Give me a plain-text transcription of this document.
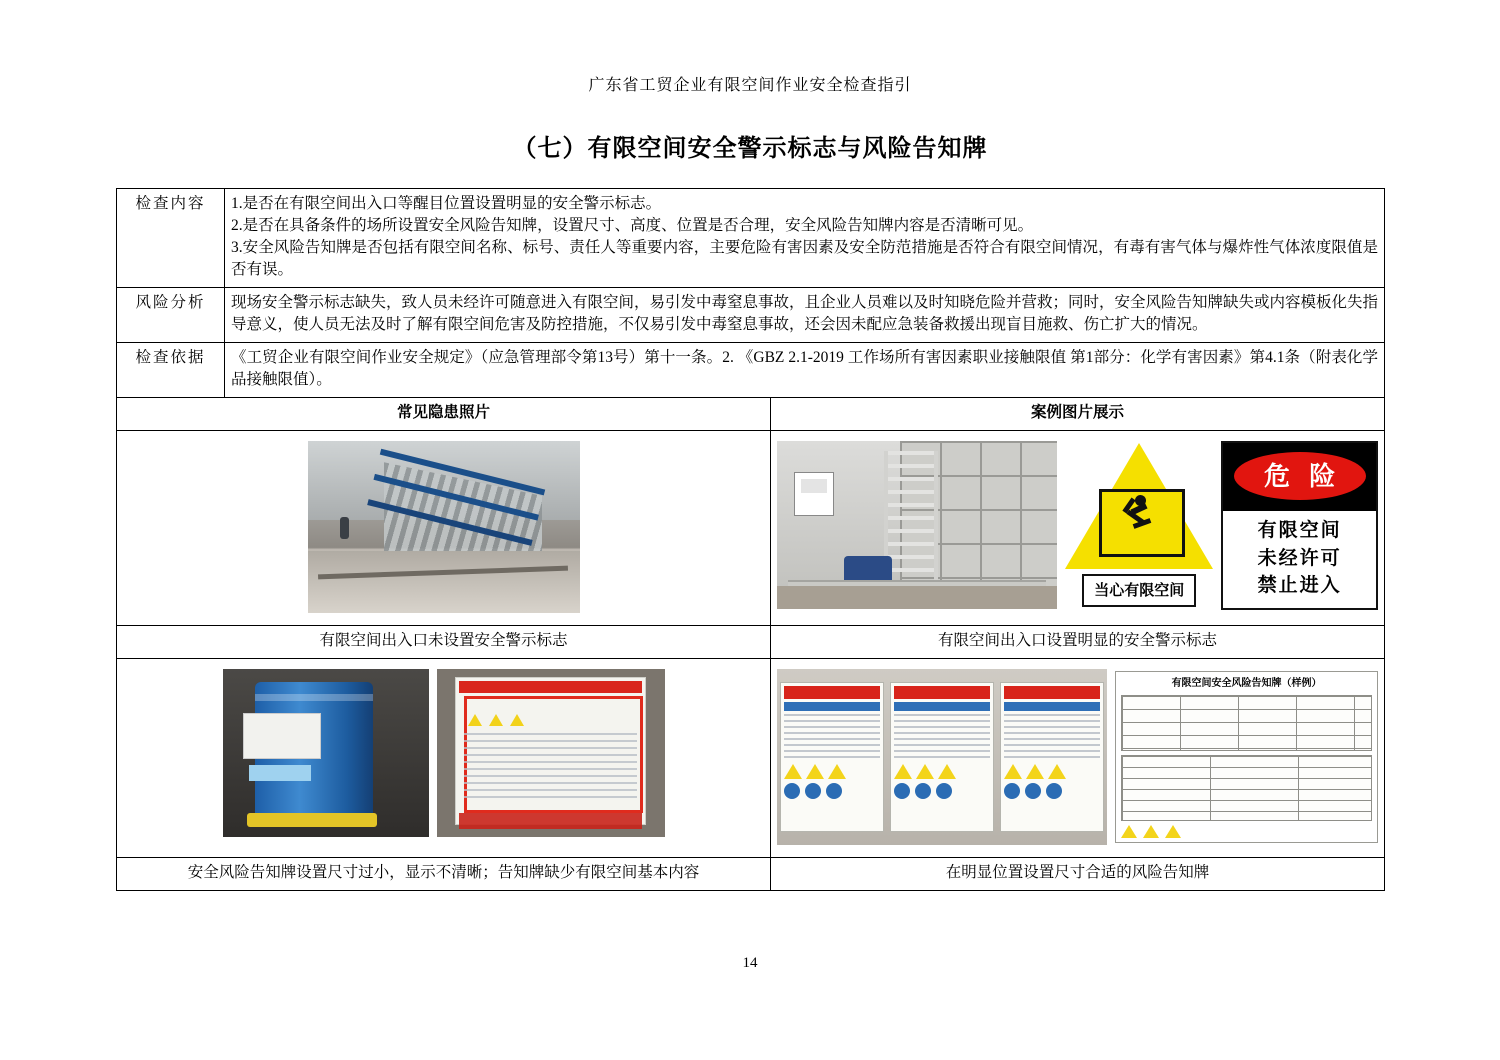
广东省工贸企业有限空间作业安全检查指引
（七）有限空间安全警示标志与风险告知牌
检查内容	1.是否在有限空间出入口等醒目位置设置明显的安全警示标志。
2.是否在具备条件的场所设置安全风险告知牌，设置尺寸、高度、位置是否合理，安全风险告知牌内容是否清晰可见。
3.安全风险告知牌是否包括有限空间名称、标号、责任人等重要内容，主要危险有害因素及安全防范措施是否符合有限空间情况，有毒有害气体与爆炸性气体浓度限值是否有误。	
风险分析	现场安全警示标志缺失，致人员未经许可随意进入有限空间，易引发中毒窒息事故，且企业人员难以及时知晓危险并营救；同时，安全风险告知牌缺失或内容模板化失指导意义，使人员无法及时了解有限空间危害及防控措施，不仅易引发中毒窒息事故，还会因未配应急装备救援出现盲目施救、伤亡扩大的情况。	
检查依据	《工贸企业有限空间作业安全规定》（应急管理部令第13号）第十一条。2. 《GBZ 2.1-2019 工作场所有害因素职业接触限值 第1部分：化学有害因素》第4.1条（附表化学品接触限值）。	
常见隐患照片		案例图片展示

		当心有限空间
危 险
有限空间
未经许可
禁止进入

有限空间出入口未设置安全警示标志		有限空间出入口设置明显的安全警示标志

		有限空间安全风险告知牌（样例）

安全风险告知牌设置尺寸过小，显示不清晰；告知牌缺少有限空间基本内容		在明显位置设置尺寸合适的风险告知牌
14
